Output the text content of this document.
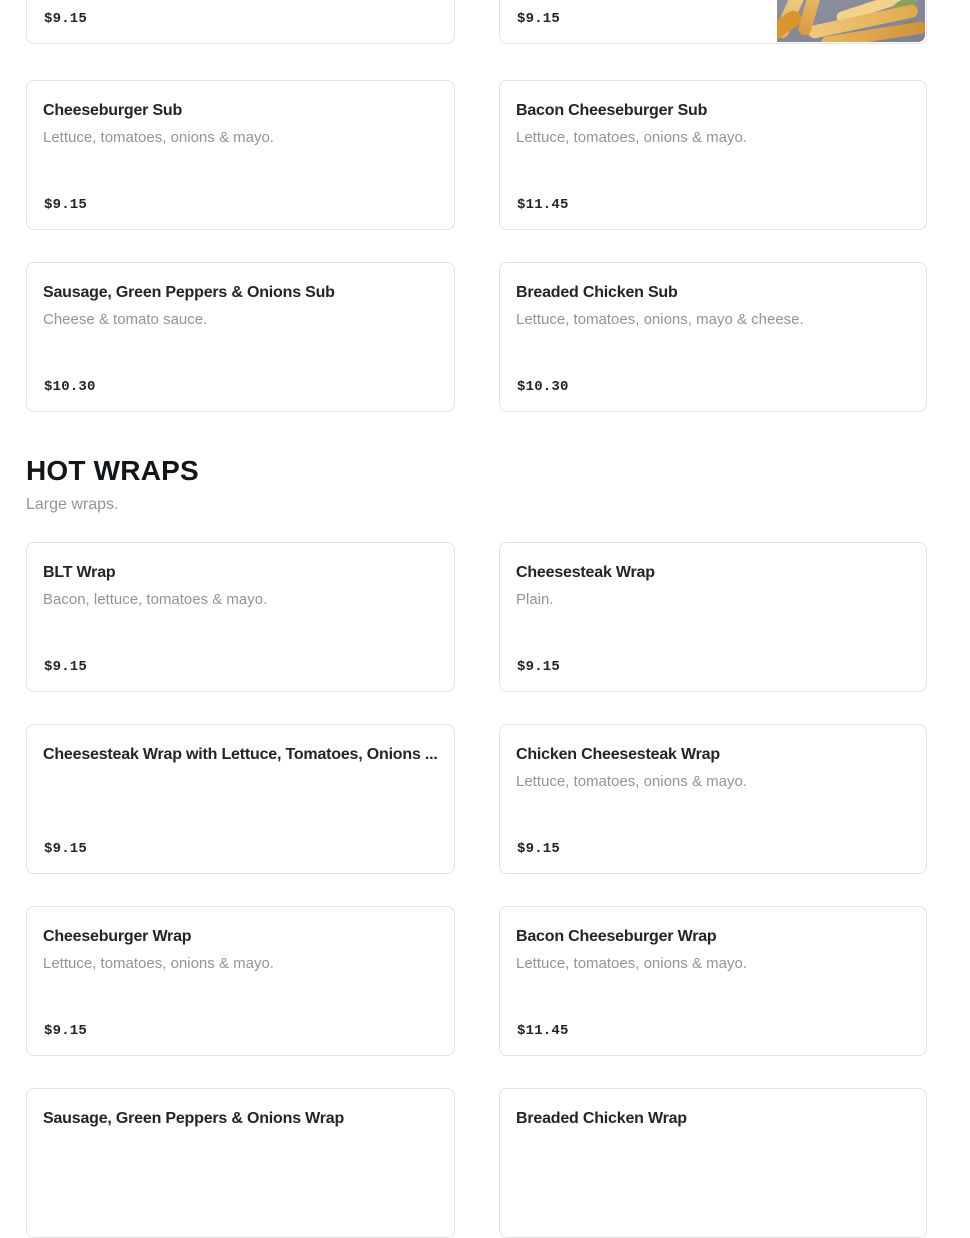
$9.15	$9.15
Cheeseburger Sub

Lettuce, tomatoes, onions & mayo.

$9.15
Bacon Cheeseburger Sub

Lettuce, tomatoes, onions & mayo.

$11.45
Sausage, Green Peppers & Onions Sub

Cheese & tomato sauce.

$10.30
Breaded Chicken Sub

Lettuce, tomatoes, onions, mayo & cheese.

$10.30
HOT WRAPS

Large wraps.

BLT Wrap

Bacon, lettuce, tomatoes & mayo.

$9.15
Cheesesteak Wrap

Plain.

$9.15
Cheesesteak Wrap with Lettuce, Tomatoes, Onions ...

$9.15
Chicken Cheesesteak Wrap

Lettuce, tomatoes, onions & mayo.

$9.15
Cheeseburger Wrap

Lettuce, tomatoes, onions & mayo.

$9.15
Bacon Cheeseburger Wrap

Lettuce, tomatoes, onions & mayo.

$11.45
Sausage, Green Peppers & Onions Wrap	Breaded Chicken Wrap
